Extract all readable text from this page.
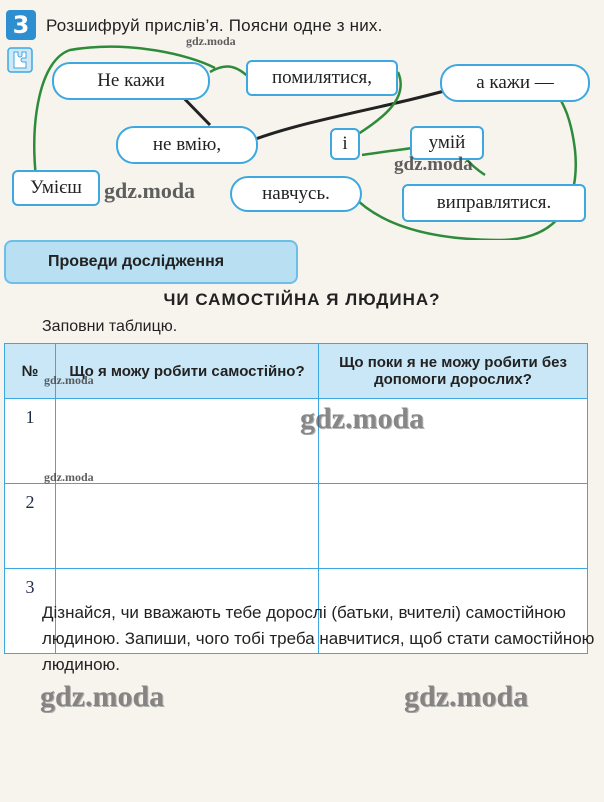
3 Розшифруй прислів’я. Поясни одне з них.
Не кажи	помилятися,	а кажи —
не вмію,	і	умій
Умієш	навчусь.	виправлятися.
gdz.moda
gdz.moda
gdz.moda
Проведи дослідження
ЧИ САМОСТІЙНА Я ЛЮДИНА?
Заповни таблицю.
№	Що я можу робити самостійно?	Що поки я не можу робити без допомоги дорослих?
1		
2		
3		
gdz.moda
gdz.moda
gdz.moda
Дізнайся, чи вважають тебе дорослі (батьки, вчителі) самостійною людиною. Запиши, чого тобі треба навчитися, щоб стати самостійною людиною.
gdz.moda	gdz.moda
